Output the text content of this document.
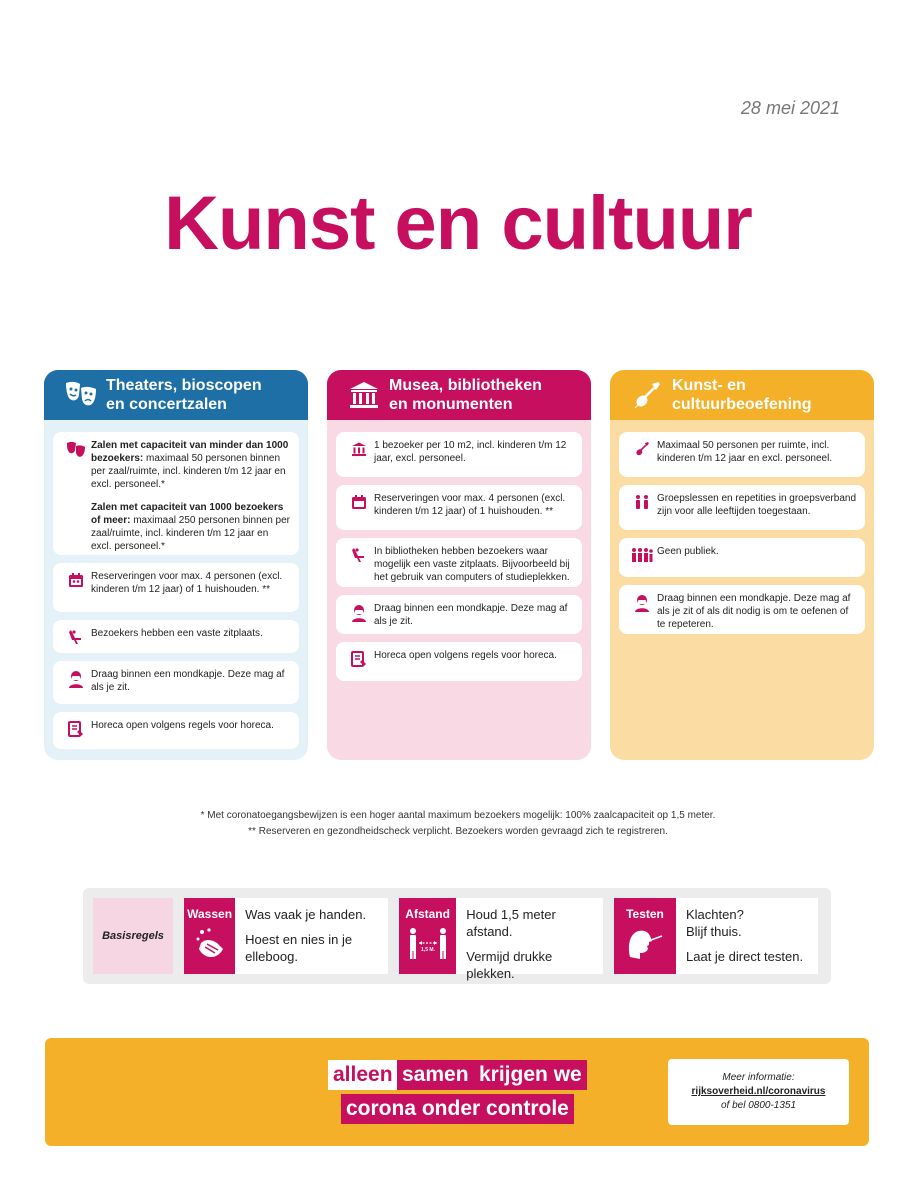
28 mei 2021
Kunst en cultuur
Theaters, bioscopen
en concertzalen
Zalen met capaciteit van minder dan 1000 bezoekers: maximaal 50 personen binnen per zaal/ruimte, incl. kinderen t/m 12 jaar en excl. personeel.*
Zalen met capaciteit van 1000 bezoekers of meer: maximaal 250 personen binnen per zaal/ruimte, incl. kinderen t/m 12 jaar en excl. personeel.*
Reserveringen voor max. 4 personen (excl. kinderen t/m 12 jaar) of 1 huishouden. **
Bezoekers hebben een vaste zitplaats.
Draag binnen een mondkapje. Deze mag af als je zit.
Horeca open volgens regels voor horeca.
Musea, bibliotheken
en monumenten
1 bezoeker per 10 m2, incl. kinderen t/m 12 jaar, excl. personeel.
Reserveringen voor max. 4 personen (excl. kinderen t/m 12 jaar) of 1 huishouden. **
In bibliotheken hebben bezoekers waar mogelijk een vaste zitplaats. Bijvoorbeeld bij het gebruik van computers of studieplekken.
Draag binnen een mondkapje. Deze mag af als je zit.
Horeca open volgens regels voor horeca.
Kunst- en
cultuurbeoefening
Maximaal 50 personen per ruimte, incl. kinderen t/m 12 jaar en excl. personeel.
Groepslessen en repetities in groepsverband zijn voor alle leeftijden toegestaan.
Geen publiek.
Draag binnen een mondkapje. Deze mag af als je zit of als dit nodig is om te oefenen of te repeteren.
* Met coronatoegangsbewijzen is een hoger aantal maximum bezoekers mogelijk: 100% zaalcapaciteit op 1,5 meter.
** Reserveren en gezondheidscheck verplicht. Bezoekers worden gevraagd zich te registreren.
Basisregels
Wassen Was vaak je handen.
Hoest en nies in je elleboog.
Afstand
1,5 M.
Houd 1,5 meter afstand.
Vermijd drukke plekken.
Testen Klachten? Blijf thuis.
Laat je direct testen.
alleen samen krijgen we
corona onder controle
Meer informatie:
rijksoverheid.nl/coronavirus
of bel 0800-1351
